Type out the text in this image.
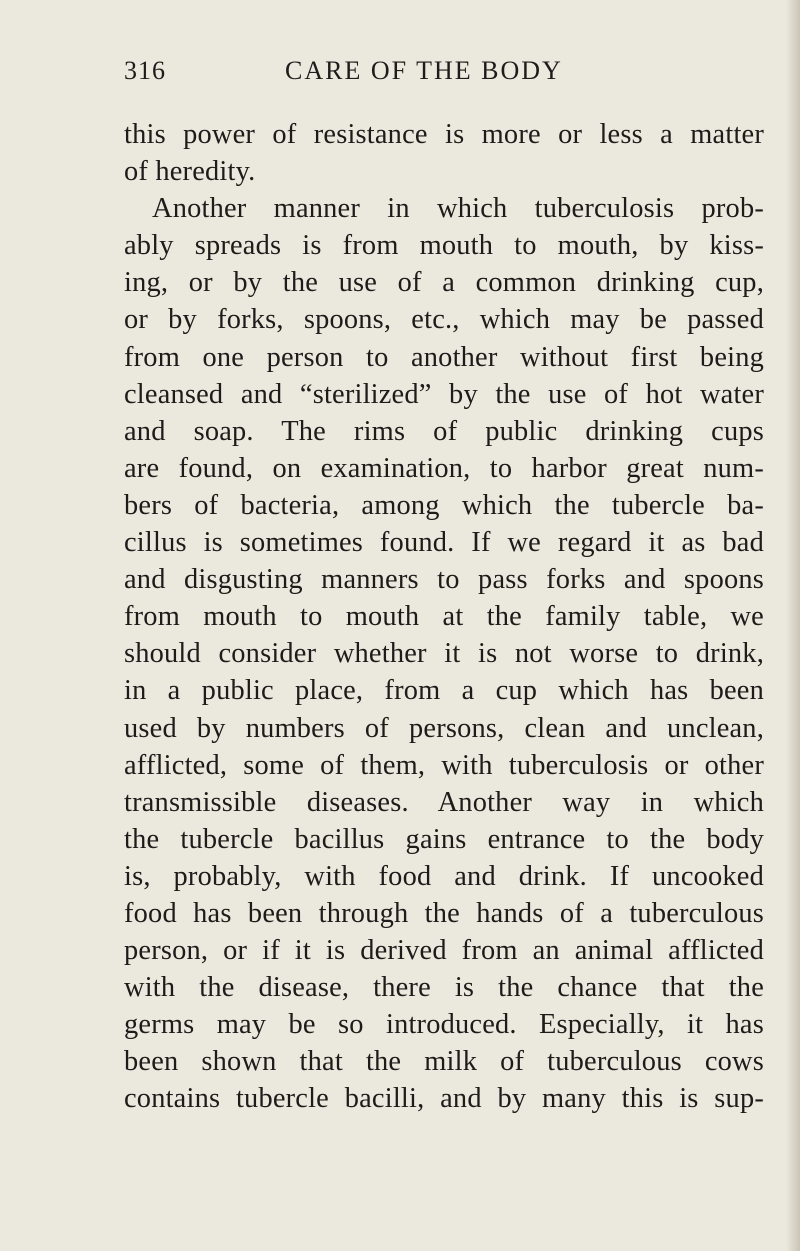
316	CARE OF THE BODY
this power of resistance is more or less a matter
of heredity.
Another manner in which tuberculosis prob-
ably spreads is from mouth to mouth, by kiss-
ing, or by the use of a common drinking cup,
or by forks, spoons, etc., which may be passed
from one person to another without first being
cleansed and “sterilized” by the use of hot water
and soap. The rims of public drinking cups
are found, on examination, to harbor great num-
bers of bacteria, among which the tubercle ba-
cillus is sometimes found. If we regard it as bad
and disgusting manners to pass forks and spoons
from mouth to mouth at the family table, we
should consider whether it is not worse to drink,
in a public place, from a cup which has been
used by numbers of persons, clean and unclean,
afflicted, some of them, with tuberculosis or other
transmissible diseases. Another way in which
the tubercle bacillus gains entrance to the body
is, probably, with food and drink. If uncooked
food has been through the hands of a tuberculous
person, or if it is derived from an animal afflicted
with the disease, there is the chance that the
germs may be so introduced. Especially, it has
been shown that the milk of tuberculous cows
contains tubercle bacilli, and by many this is sup-
